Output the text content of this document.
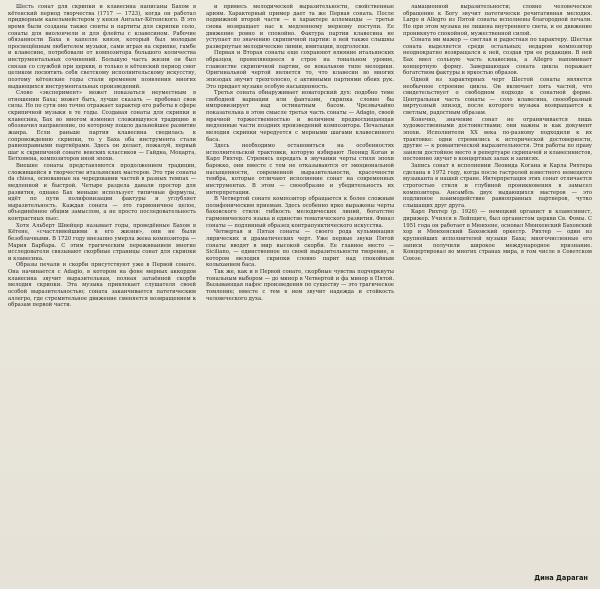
Шесть сонат для скрипки и клавесина написаны Бахом в кётенский период творчества (1717 — 1723), когда он работал придворным капельмейстером у князя Ангальт-Кётенского. В это время были созданы также сюиты и партиты для скрипки соло, сонаты для виолончели и для флейты с клавесином. Рабочие обязанности Баха в капелле князя, который был молодым просвещённым любителем музыки, сами играя на скрипке, гамбе и клавесине, потребовали от композитора большого количества инструментальных сочинений. Большую часть жизни он был связан со службой при церкви, и только в кётенский период смог целиком посвятить себя светскому исполнительскому искусству, поэтому кётенские годы стали временем появления многих выдающихся инструментальных произведений.

Слово «эксперимент» может показаться неуместным в отношении Баха; может быть, лучше сказать — пробовал свои силы. Но по сути оно точно отражает характер его работы в сфере скрипичной музыки в те годы. Создавая сонаты для скрипки и клавесина, Бах во многом изменил сложившуюся традицию и обозначил направление, по которому пошло дальнейшее развитие жанра. Если раньше партия клавесина сводилась к сопровождению скрипки, то у Баха оба инструмента стали равноправными партнёрами. Здесь он делает, пожалуй, первый шаг к скрипичной сонате венских классиков — Гайдна, Моцарта, Бетховена, композиторов иной эпохи.

Внешне сонаты представляются продолжением традиции, сложившейся в творчестве итальянских мастеров. Это три сонаты da chiesa, основанные на чередовании частей в разных темпах — медленной и быстрой. Четыре раздела давали простор для развития, однако Бах меньше использует типичные формулы, идёт по пути полифонизации фактуры и углубляет выразительность. Каждая соната — это гармоничное целое, объединённое общим замыслом, а не просто последовательность контрастных пьес.

Хотя Альберт Швейцер называет годы, проведённые Бахом в Кётене, «счастливейшими в его жизни», они не были безоблачными. В 1720 году внезапно умерла жена композитора — Мария Барбара. С этим трагическим переживанием многие исследователи связывают скорбные страницы сонат для скрипки и клавесина.

Образы печали и скорби присутствуют уже в Первой сонате. Она начинается с Adagio, в котором на фоне мерных аккордов клавесина звучит выразительная, полная затаённой скорби мелодия скрипки. Эта музыка привлекает слушателя своей особой выразительностью; соната заканчивается патетическим аллегро, где стремительное движение сменяется возвращением к образам первой части.

и примесь мелодической выразительности, свойственные ариям. Характерный пример дает та же Первая соната. После подвижной второй части — в характере аллеманды — третья снова возвращает нас к медленному мерному поступи. Ее движение ровно и спокойно. Фактура партии клавесина не уступает по значению скрипичной партии: в ней также слышны развернутые мелодические линии, имитации, подголоски.

Первая и Вторая сонаты еще сохраняют влияние итальянских образцов, проявляющееся в строе на тональном уровне, главенстве скрипичной партии, ее вокальном типе мелодики. Оригинальной чертой является то, что клавесин во многих эпизодах звучит трехголосно, с активными партиями обеих рук. Это придает музыке особую насыщенность.

Третья соната обнаруживает новаторский дух: подобно теме свободной вариации или фантазии, скрипка словно бы импровизирует над остинатным басом. Чрезвычайно показательна в этом смысле третья часть сонаты — Adagio, своей мрачной торжественностью и величием предвосхищающая медленные части поздних произведений композитора. Печальная мелодия скрипки чередуется с мерными шагами клавесинного баса.

Здесь необходимо остановиться на особенностях исполнительской трактовки, которую избирают Леонид Коган и Карл Рихтер. Стремясь передать в звучании черты стиля эпохи барокко, они вместе с тем не отказываются от эмоциональной насыщенности, современной выразительности, красочности тембра, которые отличают исполнение сонат на современных инструментах. В этом — своеобразие и убедительность их интерпретации.

В Четвертой сонате композитор обращается к более сложным полифоническим приемам. Здесь особенно ярко выражены черты баховского стиля: гибкость мелодических линий, богатство гармонического языка и единство тематического развития. Финал сонаты — подлинный образец контрапунктического искусства.

Четвертая и Пятая сонаты — своего рода кульминация лирических и драматических черт. Уже первые звуки Пятой сонаты вводят в мир высокой скорби. Ее главное место — Siciliano, — единственное по своей выразительности творение, в котором мелодия скрипки словно парит над спокойным колыханием баса.

Так же, как и в Первой сонате, скорбные чувства подчеркнуты тональным выбором — до минор в Четвертой и фа минор в Пятой. Вызывающая пафос произведения по существу — это трагическое томление; вместе с тем в нем звучит надежда и стойкость человеческого духа.

ламационной выразительности; словно человеческое обращение к Богу звучит патетически речитативная мелодия. Largo и Allegro из Пятой сонаты исполнены благородной печали. Но при этом музыка не лишена внутреннего света, и ее движение проникнуто спокойной, мужественной силой.

Соната ми мажор — светлая и радостная по характеру. Шестая соната выделяется среди остальных; недаром композитор неоднократно возвращался к ней, создав три ее редакции. В ней Бах ввел сольную часть клавесина, а Allegro напоминает концертную форму. Завершающая соната цикла поражает богатством фактуры и яркостью образов.

Одной из характерных черт Шестой сонаты является необычное строение цикла. Он включает пять частей, что свидетельствует о свободном подходе к сонатной форме. Центральная часть сонаты — соло клавесина, своеобразный виртуозный эпизод, после которого музыка возвращается к светлым, радостным образам.

Конечно, значение сонат не ограничивается лишь художественными достоинствами; они важны и как документ эпохи. Исполнители XX века по-разному подходили к их трактовке: одни стремились к исторической достоверности, другие — к романтической выразительности. Эти работы по праву заняли достойное место в репертуаре скрипачей и клавесинистов, постоянно звучат в концертных залах и записях.

Запись сонат в исполнении Леонида Когана и Карла Рихтера сделана в 1972 году, когда после гастролей известного немецкого музыканта в нашей стране. Интерпретация этих сонат отличается строгостью стиля и глубиной проникновения в замысел композитора. Ансамбль двух выдающихся мастеров — это подлинное взаимодействие равноправных партнеров, чутко слышащих друг друга.

Карл Рихтер (р. 1926) — немецкий органист и клавесинист, дирижер. Учился в Лейпциге, был органистом церкви Св. Фомы. С 1951 года он работает в Мюнхене, основал Мюнхенский Баховский хор и Мюнхенский Баховский оркестр. Рихтер — один из крупнейших исполнителей музыки Баха; многочисленные его записи получили широкое международное признание. Концертировал во многих странах мира, в том числе в Советском Союзе.

Дина Дараган
